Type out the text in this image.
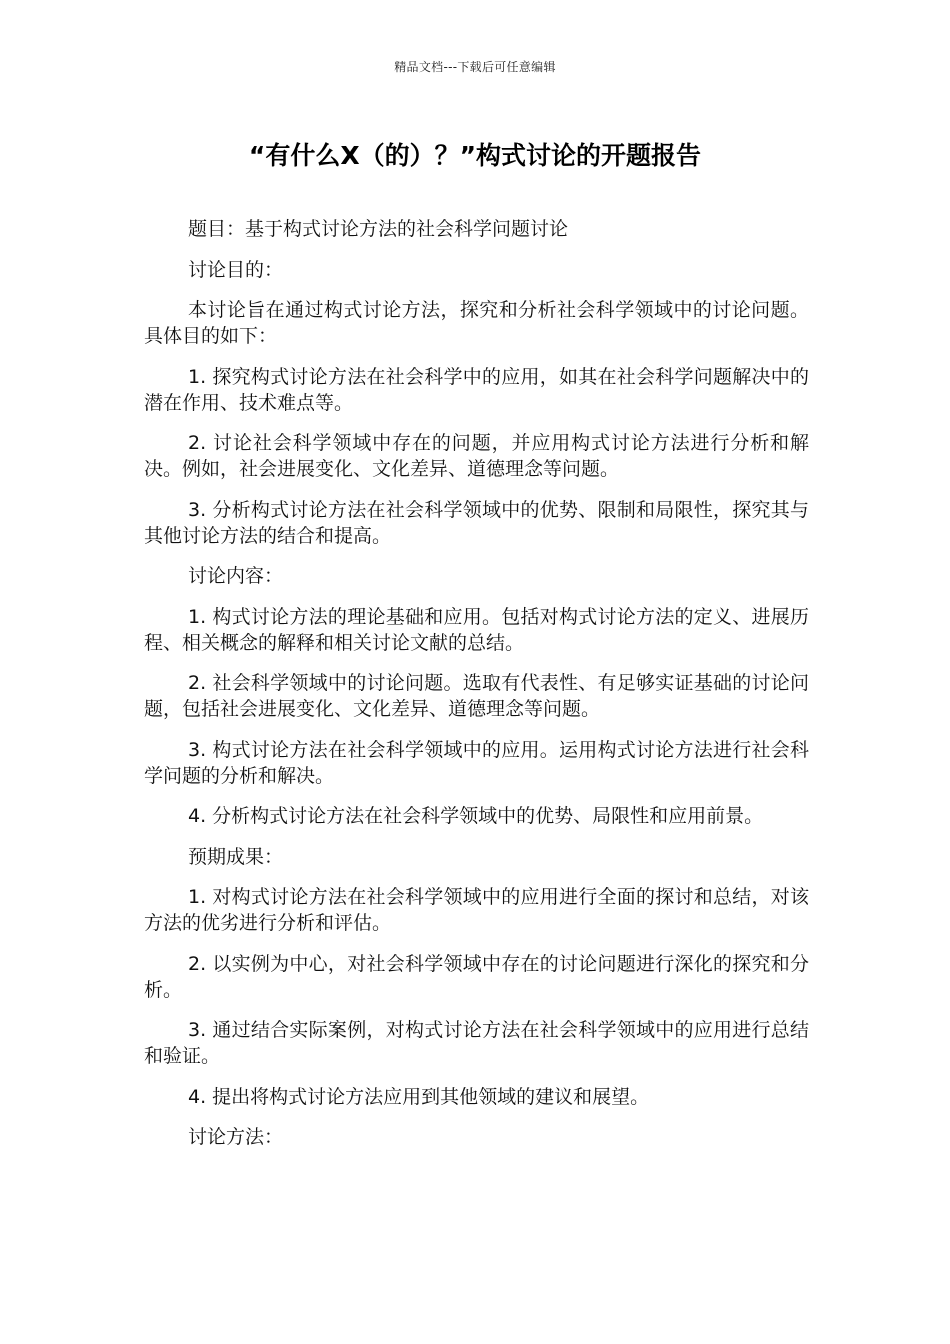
精品文档---下载后可任意编辑
“有什么X（的）？”构式讨论的开题报告

题目：基于构式讨论方法的社会科学问题讨论

讨论目的：

本讨论旨在通过构式讨论方法，探究和分析社会科学领域中的讨论问题。具体目的如下：

1. 探究构式讨论方法在社会科学中的应用，如其在社会科学问题解决中的潜在作用、技术难点等。

2. 讨论社会科学领域中存在的问题，并应用构式讨论方法进行分析和解决。例如，社会进展变化、文化差异、道德理念等问题。

3. 分析构式讨论方法在社会科学领域中的优势、限制和局限性，探究其与其他讨论方法的结合和提高。

讨论内容：

1. 构式讨论方法的理论基础和应用。包括对构式讨论方法的定义、进展历程、相关概念的解释和相关讨论文献的总结。

2. 社会科学领域中的讨论问题。选取有代表性、有足够实证基础的讨论问题，包括社会进展变化、文化差异、道德理念等问题。

3. 构式讨论方法在社会科学领域中的应用。运用构式讨论方法进行社会科学问题的分析和解决。

4. 分析构式讨论方法在社会科学领域中的优势、局限性和应用前景。

预期成果：

1. 对构式讨论方法在社会科学领域中的应用进行全面的探讨和总结，对该方法的优劣进行分析和评估。

2. 以实例为中心，对社会科学领域中存在的讨论问题进行深化的探究和分析。

3. 通过结合实际案例，对构式讨论方法在社会科学领域中的应用进行总结和验证。

4. 提出将构式讨论方法应用到其他领域的建议和展望。

讨论方法：
